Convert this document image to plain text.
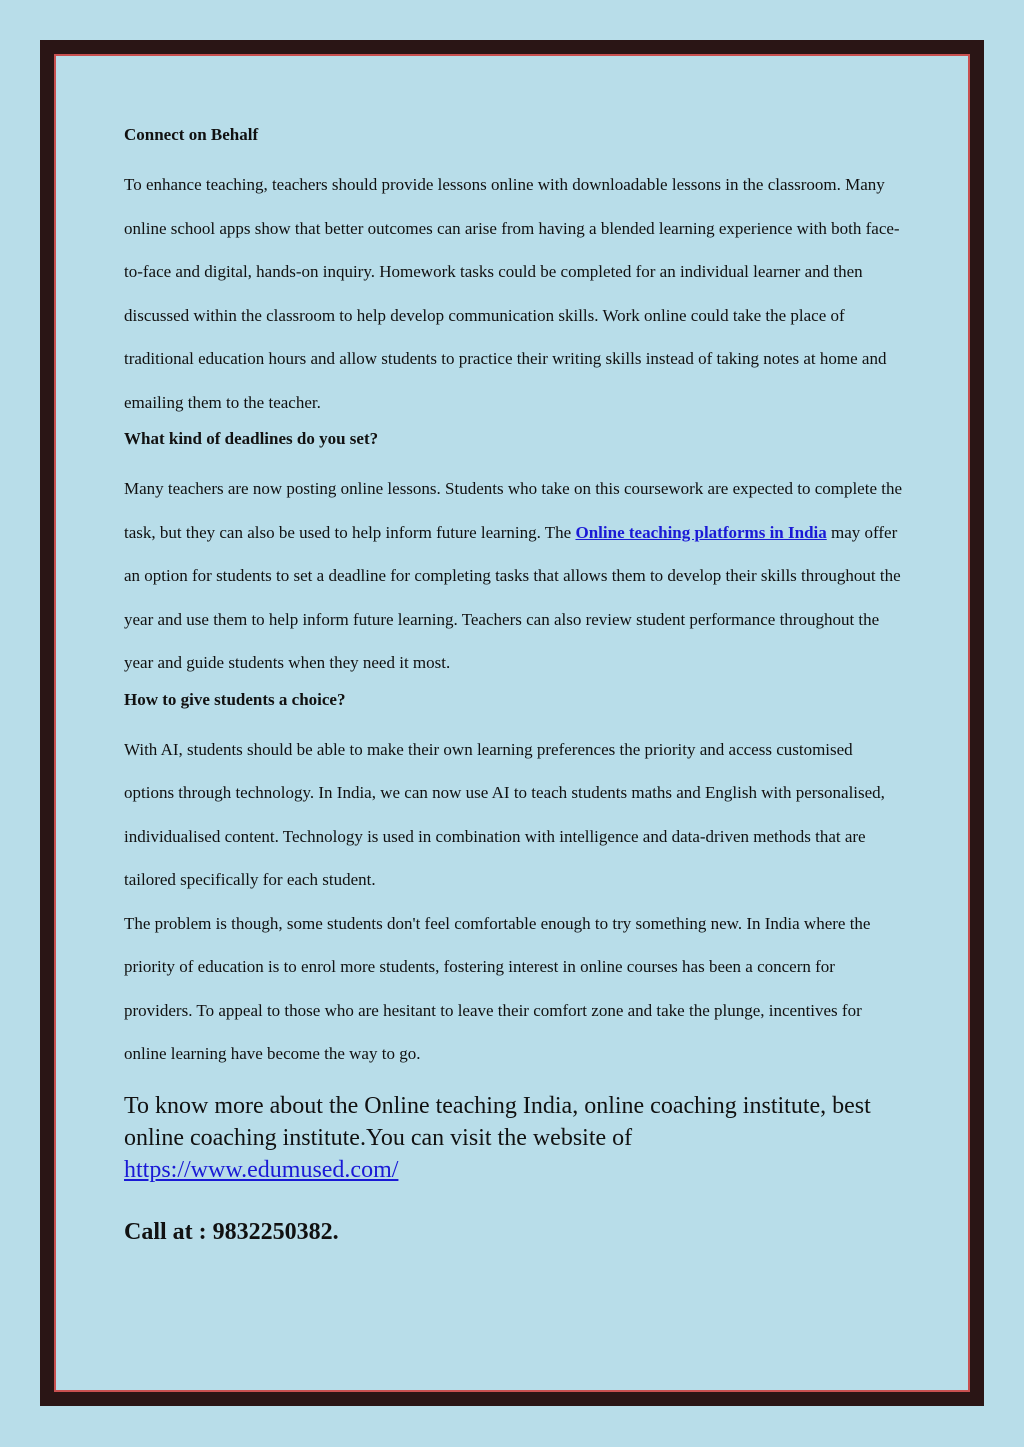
Connect on Behalf

To enhance teaching, teachers should provide lessons online with downloadable lessons in the classroom. Many online school apps show that better outcomes can arise from having a blended learning experience with both face-to-face and digital, hands-on inquiry. Homework tasks could be completed for an individual learner and then discussed within the classroom to help develop communication skills. Work online could take the place of traditional education hours and allow students to practice their writing skills instead of taking notes at home and emailing them to the teacher.

What kind of deadlines do you set?

Many teachers are now posting online lessons. Students who take on this coursework are expected to complete the task, but they can also be used to help inform future learning. The Online teaching platforms in India may offer an option for students to set a deadline for completing tasks that allows them to develop their skills throughout the year and use them to help inform future learning. Teachers can also review student performance throughout the year and guide students when they need it most.

How to give students a choice?

With AI, students should be able to make their own learning preferences the priority and access customised options through technology. In India, we can now use AI to teach students maths and English with personalised, individualised content. Technology is used in combination with intelligence and data-driven methods that are tailored specifically for each student.

The problem is though, some students don't feel comfortable enough to try something new. In India where the priority of education is to enrol more students, fostering interest in online courses has been a concern for providers. To appeal to those who are hesitant to leave their comfort zone and take the plunge, incentives for online learning have become the way to go.

To know more about the Online teaching India, online coaching institute, best online coaching institute.You can visit the website of
https://www.edumused.com/
Call at : 9832250382.
